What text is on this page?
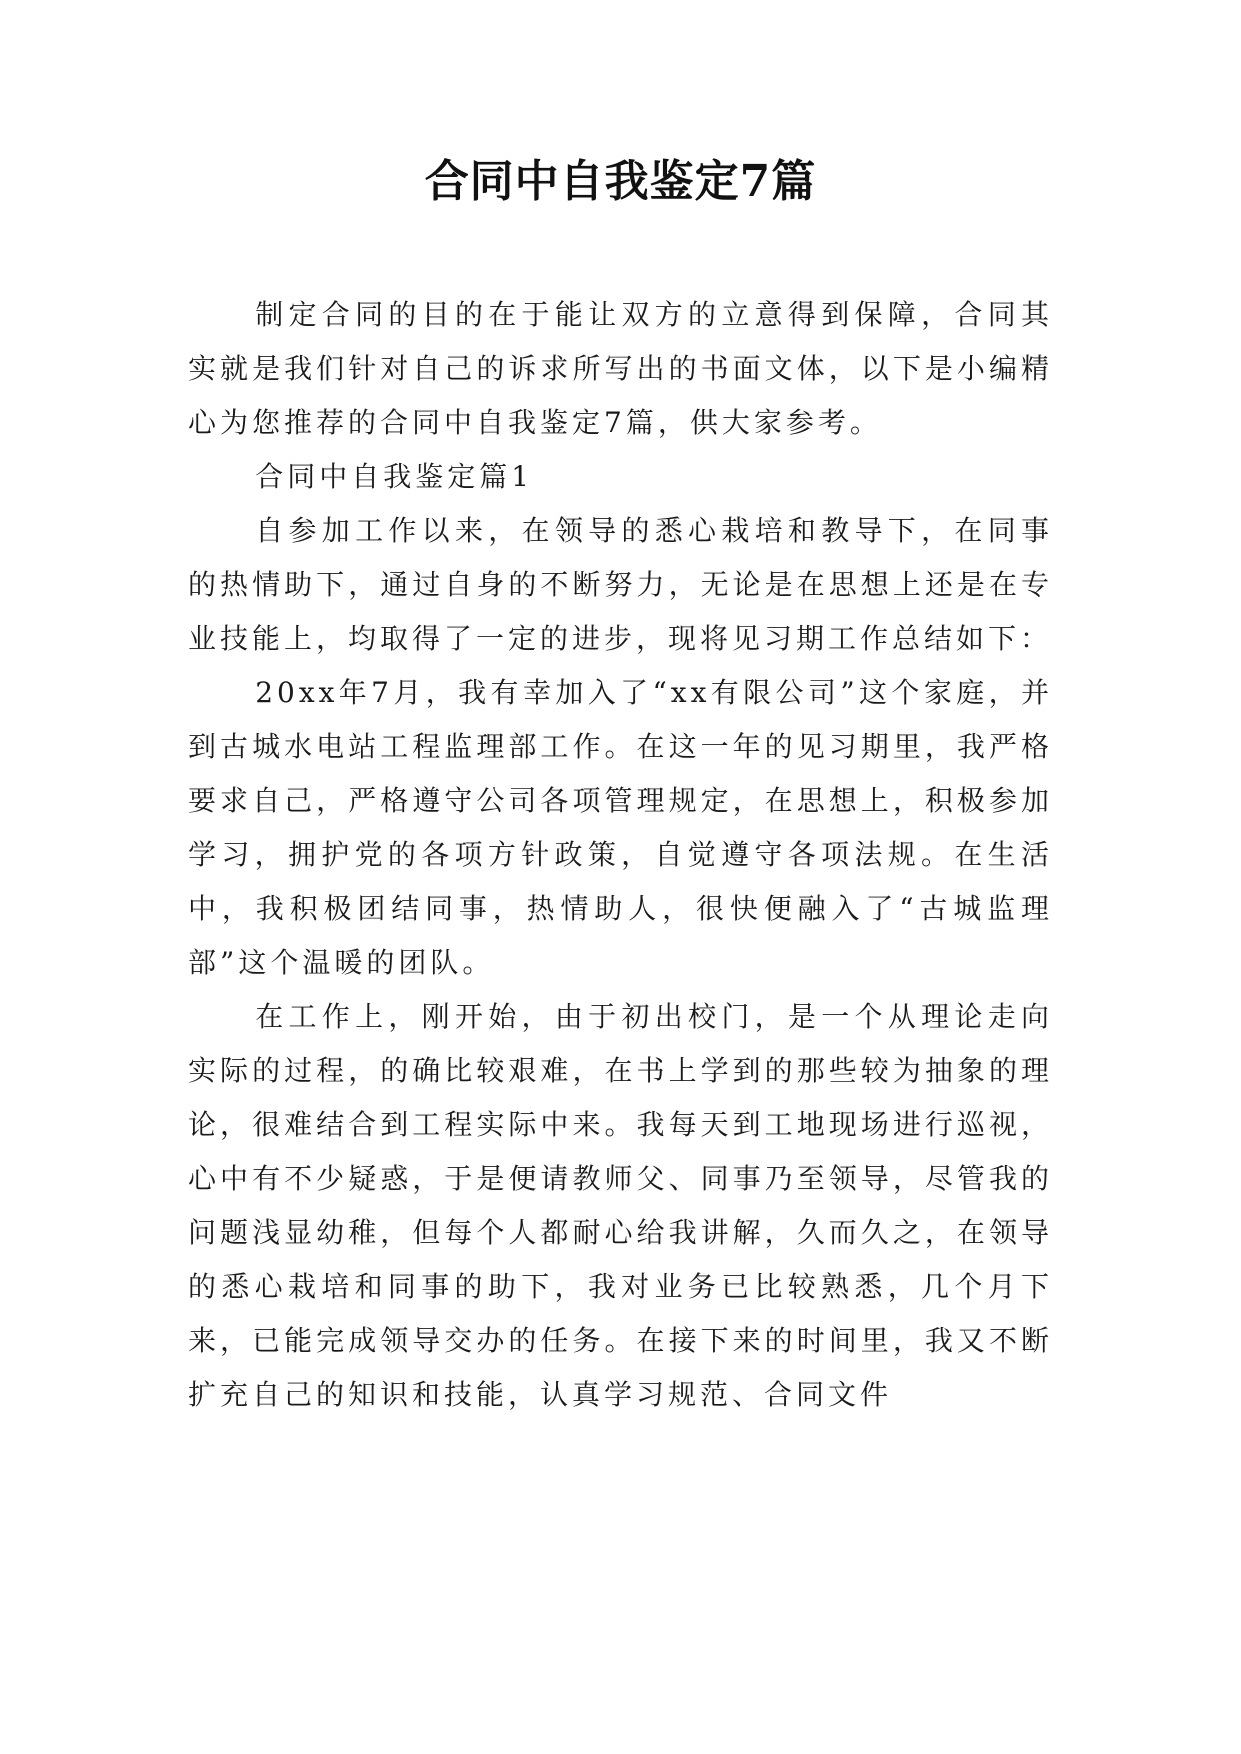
合同中自我鉴定7篇

制定合同的目的在于能让双方的立意得到保障，合同其实就是我们针对自己的诉求所写出的书面文体，以下是小编精心为您推荐的合同中自我鉴定7篇，供大家参考。

合同中自我鉴定篇1

自参加工作以来，在领导的悉心栽培和教导下，在同事的热情助下，通过自身的不断努力，无论是在思想上还是在专业技能上，均取得了一定的进步，现将见习期工作总结如下：

20xx年7月，我有幸加入了“xx有限公司”这个家庭，并到古城水电站工程监理部工作。在这一年的见习期里，我严格要求自己，严格遵守公司各项管理规定，在思想上，积极参加学习，拥护党的各项方针政策，自觉遵守各项法规。在生活中，我积极团结同事，热情助人，很快便融入了“古城监理部”这个温暖的团队。

在工作上，刚开始，由于初出校门，是一个从理论走向实际的过程，的确比较艰难，在书上学到的那些较为抽象的理论，很难结合到工程实际中来。我每天到工地现场进行巡视，心中有不少疑惑，于是便请教师父、同事乃至领导，尽管我的问题浅显幼稚，但每个人都耐心给我讲解，久而久之，在领导的悉心栽培和同事的助下，我对业务已比较熟悉，几个月下来，已能完成领导交办的任务。在接下来的时间里，我又不断扩充自己的知识和技能，认真学习规范、合同文件
